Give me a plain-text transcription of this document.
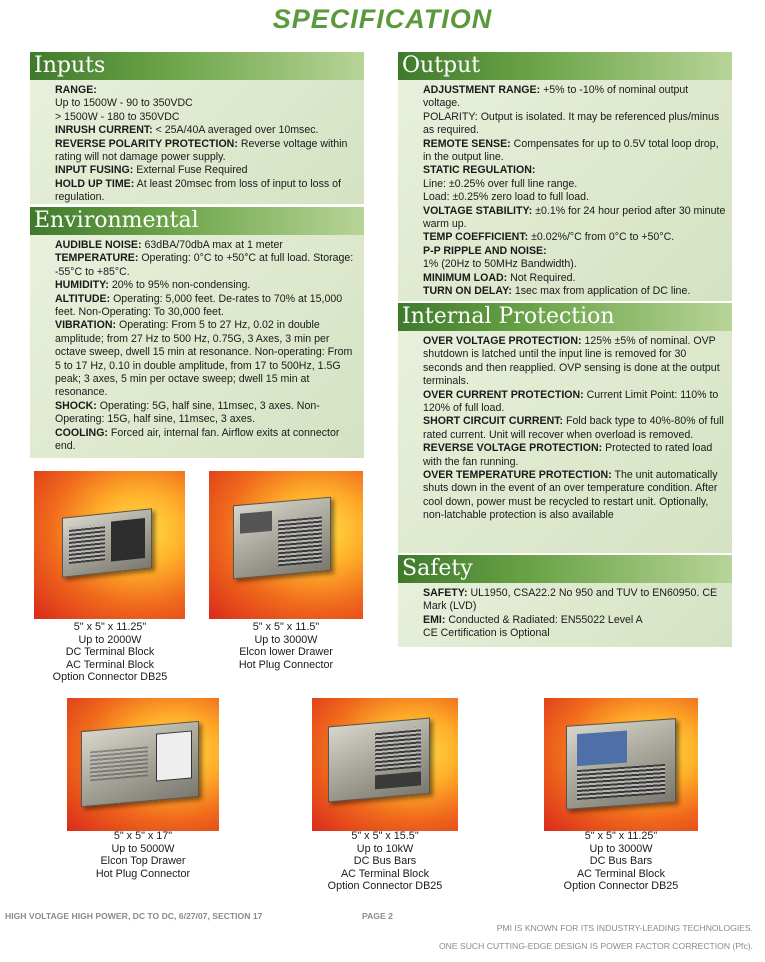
SPECIFICATION
Inputs

RANGE:

Up to 1500W - 90 to 350VDC

> 1500W - 180 to 350VDC

INRUSH CURRENT: < 25A/40A averaged over 10msec.

REVERSE POLARITY PROTECTION: Reverse voltage within rating will not damage power supply.

INPUT FUSING: External Fuse Required

HOLD UP TIME: At least 20msec from loss of input to loss of regulation.

Environmental

AUDIBLE NOISE: 63dBA/70dbA max at 1 meter

TEMPERATURE: Operating: 0°C to +50°C at full load. Storage: -55°C to +85°C.

HUMIDITY: 20% to 95% non-condensing.

ALTITUDE: Operating: 5,000 feet. De-rates to 70% at 15,000 feet. Non-Operating: To 30,000 feet.

VIBRATION: Operating: From 5 to 27 Hz, 0.02 in double amplitude; from 27 Hz to 500 Hz, 0.75G, 3 Axes, 3 min per octave sweep, dwell 15 min at resonance. Non-operating: From 5 to 17 Hz, 0.10 in double amplitude, from 17 to 500Hz, 1.5G peak; 3 axes, 5 min per octave sweep; dwell 15 min at resonance.

SHOCK: Operating: 5G, half sine, 11msec, 3 axes. Non-Operating: 15G, half sine, 11msec, 3 axes.

COOLING: Forced air, internal fan. Airflow exits at connector end.

Output

ADJUSTMENT RANGE: +5% to -10% of nominal output voltage.

POLARITY: Output is isolated. It may be referenced plus/minus as required.

REMOTE SENSE: Compensates for up to 0.5V total loop drop, in the output line.

STATIC REGULATION:

Line: ±0.25% over full line range.

Load: ±0.25% zero load to full load.

VOLTAGE STABILITY: ±0.1% for 24 hour period after 30 minute warm up.

TEMP COEFFICIENT: ±0.02%/°C from 0°C to +50°C.

P-P RIPPLE AND NOISE:

1% (20Hz to 50MHz Bandwidth).

MINIMUM LOAD: Not Required.

TURN ON DELAY: 1sec max from application of DC line.

Internal Protection

OVER VOLTAGE PROTECTION: 125% ±5% of nominal. OVP shutdown is latched until the input line is removed for 30 seconds and then reapplied. OVP sensing is done at the output terminals.

OVER CURRENT PROTECTION: Current Limit Point: 110% to 120% of full load.

SHORT CIRCUIT CURRENT: Fold back type to 40%-80% of full rated current. Unit will recover when overload is removed.

REVERSE VOLTAGE PROTECTION: Protected to rated load with the fan running.

OVER TEMPERATURE PROTECTION: The unit automatically shuts down in the event of an over temperature condition. After cool down, power must be recycled to restart unit. Optionally, non-latchable protection is also available

Safety

SAFETY: UL1950, CSA22.2 No 950 and TUV to EN60950. CE Mark (LVD)

EMI: Conducted & Radiated: EN55022 Level A

CE Certification is Optional

5" x 5" x 11.25"
Up to 2000W
DC Terminal Block
AC Terminal Block
Option Connector DB25
5" x 5" x 11.5"
Up to 3000W
Elcon lower Drawer
Hot Plug Connector
5" x 5" x 17"
Up to 5000W
Elcon Top Drawer
Hot Plug Connector
5" x 5" x 15.5"
Up to 10kW
DC Bus Bars
AC Terminal Block
Option Connector DB25
5" x 5" x 11.25"
Up to 3000W
DC Bus Bars
AC Terminal Block
Option Connector DB25
HIGH VOLTAGE HIGH POWER, DC TO DC, 6/27/07, SECTION 17	PAGE 2
PMI IS KNOWN FOR ITS INDUSTRY-LEADING TECHNOLOGIES.
ONE SUCH CUTTING-EDGE DESIGN IS POWER FACTOR CORRECTION (Pfc).
